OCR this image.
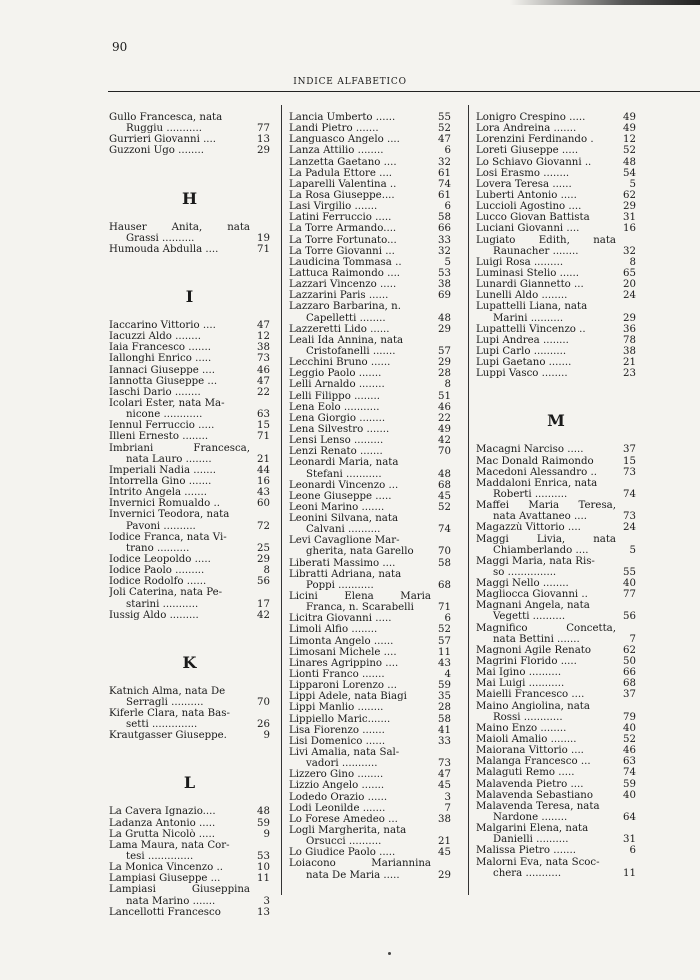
90
INDICE ALFABETICO
Gullo Francesca, nata
Ruggiu ...........	77
Gurrieri Giovanni ....	13
Guzzoni Ugo ........	29
H
Hauser Anita, nata
Grassi ..........	19
Humouda Abdulla ....	71
I
Iaccarino Vittorio ....	47
Iacuzzi Aldo ........	12
Iaia Francesco .......	38
Iallonghi Enrico .....	73
Iannaci Giuseppe ....	46
Iannotta Giuseppe ...	47
Iaschi Dario ........	22
Icolari Ester, nata Ma-
nicone ............	63
Iennul Ferruccio .....	15
Illeni Ernesto ........	71
Imbriani Francesca,
nata Lauro ........	21
Imperiali Nadia .......	44
Intorrella Gino .......	16
Intrito Angela .......	43
Invernici Romualdo ..	60
Invernici Teodora, nata
Pavoni ..........	72
Iodice Franca, nata Vi-
trano ..........	25
Iodice Leopoldo .....	29
Iodice Paolo .........	8
Iodice Rodolfo ......	56
Joli Caterina, nata Pe-
starini ...........	17
Iussig Aldo .........	42
K
Katnich Alma, nata De
Serragli ..........	70
Kiferle Clara, nata Bas-
setti ..............	26
Krautgasser Giuseppe.	9
L
La Cavera Ignazio....	48
Ladanza Antonio .....	59
La Grutta Nicolò .....	9
Lama Maura, nata Cor-
tesi ..............	53
La Monica Vincenzo ..	10
Lampiasi Giuseppe ...	11
Lampiasi Giuseppina
nata Marino .......	3
Lancellotti Francesco	13
Lancia Umberto ......	55
Landi Pietro .......	52
Languasco Angelo ....	47
Lanza Attilio ........	6
Lanzetta Gaetano ....	32
La Padula Ettore ....	61
Laparelli Valentina ..	74
La Rosa Giuseppe....	61
Lasi Virgilio .......	6
Latini Ferruccio .....	58
La Torre Armando....	66
La Torre Fortunato...	33
La Torre Giovanni ...	32
Laudicina Tommasa ..	5
Lattuca Raimondo ....	53
Lazzari Vincenzo .....	38
Lazzarini Paris ......	69
Lazzaro Barbarina, n.
Capelletti ........	48
Lazzeretti Lido ......	29
Leali Ida Annina, nata
Cristofanelli .......	57
Lecchini Bruno ......	29
Leggio Paolo .......	28
Lelli Arnaldo ........	8
Lelli Filippo ........	51
Lena Eolo ...........	46
Lena Giorgio ........	22
Lena Silvestro .......	49
Lensi Lenso .........	42
Lenzi Renato .......	70
Leonardi Maria, nata
Stefani ...........	48
Leonardi Vincenzo ...	68
Leone Giuseppe .....	45
Leoni Marino .......	52
Leonini Silvana, nata
Calvani ..........	74
Levi Cavaglione Mar-
gherita, nata Garello	70
Liberati Massimo ....	58
Libratti Adriana, nata
Poppi ...........	68
Licini Elena Maria
Franca, n. Scarabelli	71
Licitra Giovanni .....	6
Limoli Alfio ........	52
Limonta Angelo ......	57
Limosani Michele ....	11
Linares Agrippino ....	43
Lionti Franco .......	4
Lipparoni Lorenzo ...	59
Lippi Adele, nata Biagi	35
Lippi Manlio ........	28
Lippiello Maric.......	58
Lisa Fiorenzo .......	41
Lisi Domenico ......	33
Livi Amalia, nata Sal-
vadori ...........	73
Lizzero Gino ........	47
Lizzio Angelo .......	45
Lodedo Orazio ......	3
Lodi Leonilde .......	7
Lo Forese Amedeo ...	38
Logli Margherita, nata
Orsucci ..........	21
Lo Giudice Paolo .....	45
Loiacono Mariannina
nata De Maria .....	29
Lonigro Crespino .....	49
Lora Andreina .......	49
Lorenzini Ferdinando .	12
Loreti Giuseppe .....	52
Lo Schiavo Giovanni ..	48
Losi Erasmo ........	54
Lovera Teresa ......	5
Luberti Antonio .....	62
Luccioli Agostino ....	29
Lucco Giovan Battista	31
Luciani Giovanni ....	16
Lugiato Edith, nata
Raunacher ........	32
Luigi Rosa .........	8
Luminasi Stelio ......	65
Lunardi Giannetto ...	20
Lunelli Aldo ........	24
Lupattelli Liana, nata
Marini ..........	29
Lupattelli Vincenzo ..	36
Lupi Andrea ........	78
Lupi Carlo ..........	38
Lupi Gaetano .......	21
Luppi Vasco ........	23
M
Macagni Narciso .....	37
Mac Donald Raimondo	15
Macedoni Alessandro ..	73
Maddaloni Enrica, nata
Roberti ..........	74
Maffei Maria Teresa,
nata Avattaneo ....	73
Magazzù Vittorio ....	24
Maggi Livia, nata
Chiamberlando ....	5
Maggi Maria, nata Ris-
so ...............	55
Maggi Nello ........	40
Magliocca Giovanni ..	77
Magnani Angela, nata
Vegetti ..........	56
Magnifico Concetta,
nata Bettini .......	7
Magnoni Agile Renato	62
Magrini Florido .....	50
Mai Igino ..........	66
Mai Luigi ...........	68
Maielli Francesco ....	37
Maino Angiolina, nata
Rossi ............	79
Maino Enzo ........	40
Maioli Amalio ........	52
Maiorana Vittorio ....	46
Malanga Francesco ...	63
Malaguti Remo .....	74
Malavenda Pietro ....	59
Malavenda Sebastiano	40
Malavenda Teresa, nata
Nardone ........	64
Malgarini Elena, nata
Danielli ..........	31
Malissa Pietro .......	6
Malorni Eva, nata Scoc-
chera ...........	11
